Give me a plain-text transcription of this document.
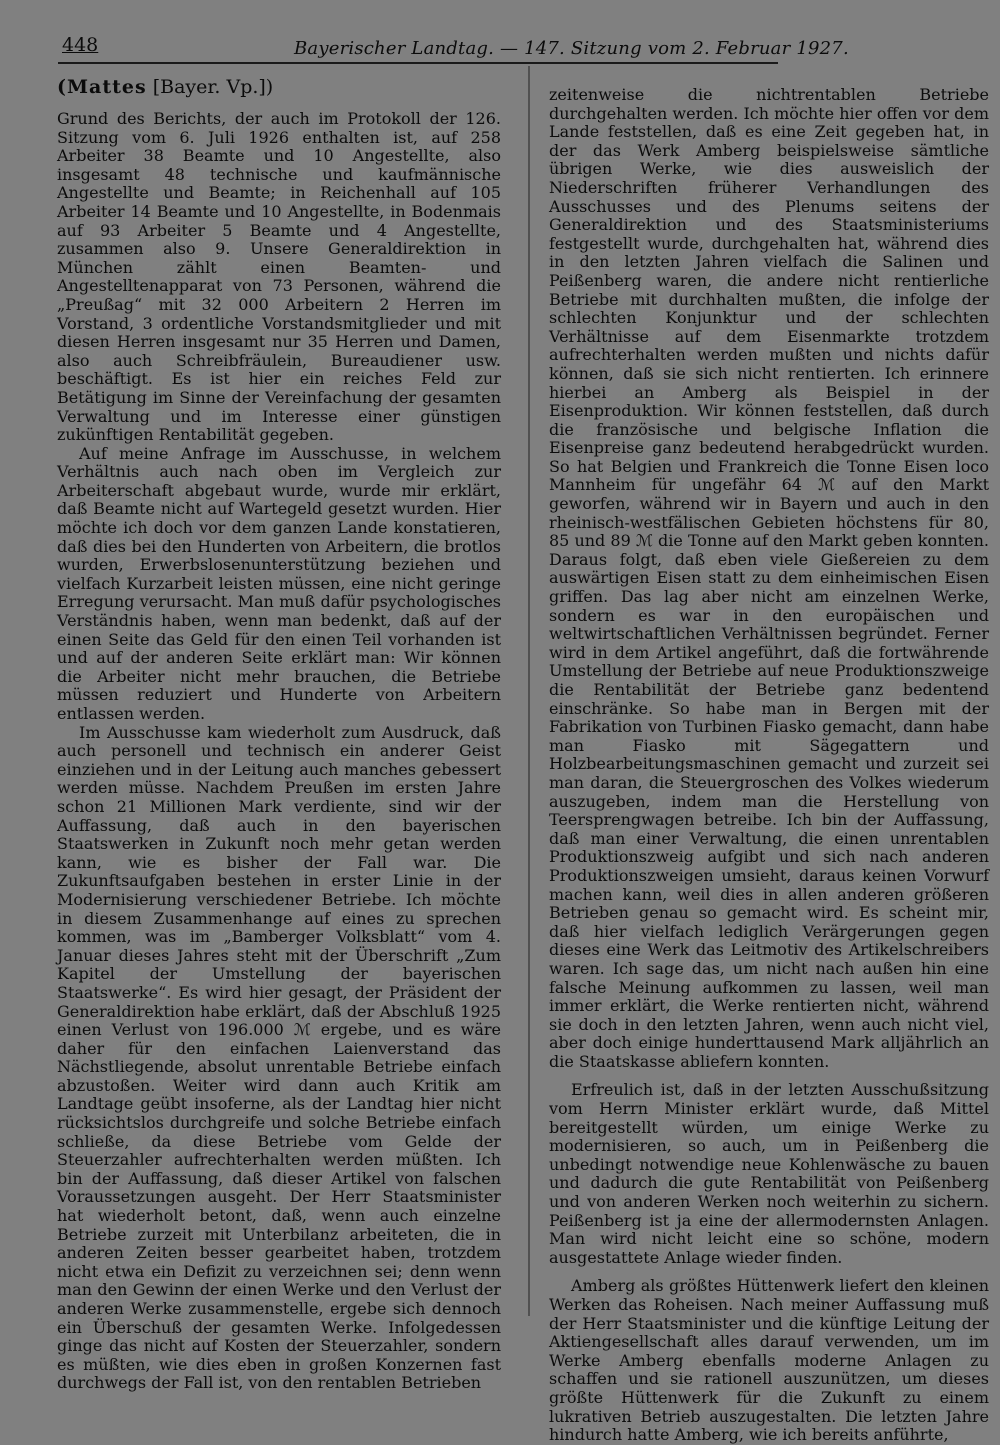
448	Bayerischer Landtag. — 147. Sitzung vom 2. Februar 1927.
(Mattes [Bayer. Vp.])

Grund des Berichts, der auch im Protokoll der 126. Sitzung vom 6. Juli 1926 enthalten ist, auf 258 Arbeiter 38 Beamte und 10 Angestellte, also insgesamt 48 technische und kaufmännische Angestellte und Beamte; in Reichenhall auf 105 Arbeiter 14 Beamte und 10 Angestellte, in Bodenmais auf 93 Arbeiter 5 Beamte und 4 Angestellte, zusammen also 9. Unsere Generaldirektion in München zählt einen Beamten- und Angestelltenapparat von 73 Personen, während die „Preußag“ mit 32 000 Arbeitern 2 Herren im Vorstand, 3 ordentliche Vorstandsmitglieder und mit diesen Herren insgesamt nur 35 Herren und Damen, also auch Schreibfräulein, Bureaudiener usw. beschäftigt. Es ist hier ein reiches Feld zur Betätigung im Sinne der Vereinfachung der gesamten Verwaltung und im Interesse einer günstigen zukünftigen Rentabilität gegeben.

Auf meine Anfrage im Ausschusse, in welchem Verhältnis auch nach oben im Vergleich zur Arbeiterschaft abgebaut wurde, wurde mir erklärt, daß Beamte nicht auf Wartegeld gesetzt wurden. Hier möchte ich doch vor dem ganzen Lande konstatieren, daß dies bei den Hunderten von Arbeitern, die brotlos wurden, Erwerbslosenunterstützung beziehen und vielfach Kurzarbeit leisten müssen, eine nicht geringe Erregung verursacht. Man muß dafür psychologisches Verständnis haben, wenn man bedenkt, daß auf der einen Seite das Geld für den einen Teil vorhanden ist und auf der anderen Seite erklärt man: Wir können die Arbeiter nicht mehr brauchen, die Betriebe müssen reduziert und Hunderte von Arbeitern entlassen werden.

Im Ausschusse kam wiederholt zum Ausdruck, daß auch personell und technisch ein anderer Geist einziehen und in der Leitung auch manches gebessert werden müsse. Nachdem Preußen im ersten Jahre schon 21 Millionen Mark verdiente, sind wir der Auffassung, daß auch in den bayerischen Staatswerken in Zukunft noch mehr getan werden kann, wie es bisher der Fall war. Die Zukunftsaufgaben bestehen in erster Linie in der Modernisierung verschiedener Betriebe. Ich möchte in diesem Zusammenhange auf eines zu sprechen kommen, was im „Bamberger Volksblatt“ vom 4. Januar dieses Jahres steht mit der Überschrift „Zum Kapitel der Umstellung der bayerischen Staatswerke“. Es wird hier gesagt, der Präsident der Generaldirektion habe erklärt, daß der Abschluß 1925 einen Verlust von 196.000 ℳ ergebe, und es wäre daher für den einfachen Laienverstand das Nächstliegende, absolut unrentable Betriebe einfach abzustoßen. Weiter wird dann auch Kritik am Landtage geübt insoferne, als der Landtag hier nicht rücksichtslos durchgreife und solche Betriebe einfach schließe, da diese Betriebe vom Gelde der Steuerzahler aufrechterhalten werden müßten. Ich bin der Auffassung, daß dieser Artikel von falschen Voraussetzungen ausgeht. Der Herr Staatsminister hat wiederholt betont, daß, wenn auch einzelne Betriebe zurzeit mit Unterbilanz arbeiteten, die in anderen Zeiten besser gearbeitet haben, trotzdem nicht etwa ein Defizit zu verzeichnen sei; denn wenn man den Gewinn der einen Werke und den Verlust der anderen Werke zusammenstelle, ergebe sich dennoch ein Überschuß der gesamten Werke. Infolgedessen ginge das nicht auf Kosten der Steuerzahler, sondern es müßten, wie dies eben in großen Konzernen fast durchwegs der Fall ist, von den rentablen Betrieben

zeitenweise die nichtrentablen Betriebe durchgehalten werden. Ich möchte hier offen vor dem Lande feststellen, daß es eine Zeit gegeben hat, in der das Werk Amberg beispielsweise sämtliche übrigen Werke, wie dies ausweislich der Niederschriften früherer Verhandlungen des Ausschusses und des Plenums seitens der Generaldirektion und des Staatsministeriums festgestellt wurde, durchgehalten hat, während dies in den letzten Jahren vielfach die Salinen und Peißenberg waren, die andere nicht rentierliche Betriebe mit durchhalten mußten, die infolge der schlechten Konjunktur und der schlechten Verhältnisse auf dem Eisenmarkte trotzdem aufrechterhalten werden mußten und nichts dafür können, daß sie sich nicht rentierten. Ich erinnere hierbei an Amberg als Beispiel in der Eisenproduktion. Wir können feststellen, daß durch die französische und belgische Inflation die Eisenpreise ganz bedeutend herabgedrückt wurden. So hat Belgien und Frankreich die Tonne Eisen loco Mannheim für ungefähr 64 ℳ auf den Markt geworfen, während wir in Bayern und auch in den rheinisch-westfälischen Gebieten höchstens für 80, 85 und 89 ℳ die Tonne auf den Markt geben konnten. Daraus folgt, daß eben viele Gießereien zu dem auswärtigen Eisen statt zu dem einheimischen Eisen griffen. Das lag aber nicht am einzelnen Werke, sondern es war in den europäischen und weltwirtschaftlichen Verhältnissen begründet. Ferner wird in dem Artikel angeführt, daß die fortwährende Umstellung der Betriebe auf neue Produktionszweige die Rentabilität der Betriebe ganz bedentend einschränke. So habe man in Bergen mit der Fabrikation von Turbinen Fiasko gemacht, dann habe man Fiasko mit Sägegattern und Holzbearbeitungsmaschinen gemacht und zurzeit sei man daran, die Steuergroschen des Volkes wiederum auszugeben, indem man die Herstellung von Teersprengwagen betreibe. Ich bin der Auffassung, daß man einer Verwaltung, die einen unrentablen Produktionszweig aufgibt und sich nach anderen Produktionszweigen umsieht, daraus keinen Vorwurf machen kann, weil dies in allen anderen größeren Betrieben genau so gemacht wird. Es scheint mir, daß hier vielfach lediglich Verärgerungen gegen dieses eine Werk das Leitmotiv des Artikelschreibers waren. Ich sage das, um nicht nach außen hin eine falsche Meinung aufkommen zu lassen, weil man immer erklärt, die Werke rentierten nicht, während sie doch in den letzten Jahren, wenn auch nicht viel, aber doch einige hunderttausend Mark alljährlich an die Staatskasse abliefern konnten.

Erfreulich ist, daß in der letzten Ausschußsitzung vom Herrn Minister erklärt wurde, daß Mittel bereitgestellt würden, um einige Werke zu modernisieren, so auch, um in Peißenberg die unbedingt notwendige neue Kohlenwäsche zu bauen und dadurch die gute Rentabilität von Peißenberg und von anderen Werken noch weiterhin zu sichern. Peißenberg ist ja eine der allermodernsten Anlagen. Man wird nicht leicht eine so schöne, modern ausgestattete Anlage wieder finden.

Amberg als größtes Hüttenwerk liefert den kleinen Werken das Roheisen. Nach meiner Auffassung muß der Herr Staatsminister und die künftige Leitung der Aktiengesellschaft alles darauf verwenden, um im Werke Amberg ebenfalls moderne Anlagen zu schaffen und sie rationell auszunützen, um dieses größte Hüttenwerk für die Zukunft zu einem lukrativen Betrieb auszugestalten. Die letzten Jahre hindurch hatte Amberg, wie ich bereits anführte,
